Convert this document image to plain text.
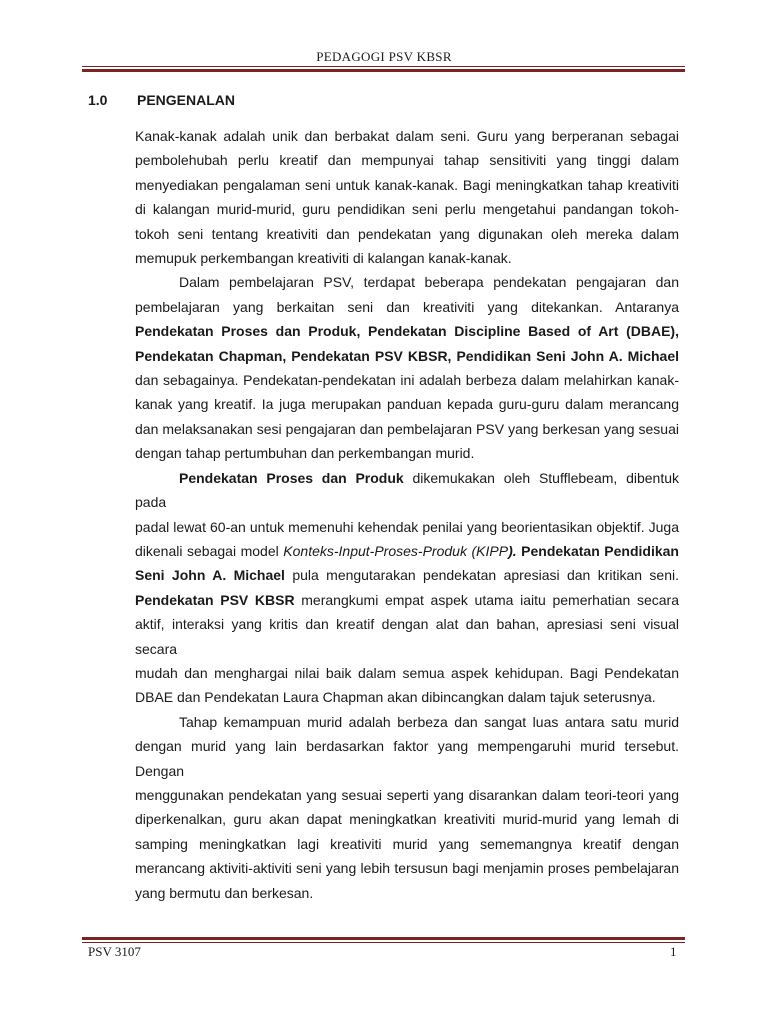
PEDAGOGI PSV KBSR
1.0 PENGENALAN

Kanak-kanak adalah unik dan berbakat dalam seni. Guru yang berperanan sebagai
pembolehubah perlu kreatif dan mempunyai tahap sensitiviti yang tinggi dalam
menyediakan pengalaman seni untuk kanak-kanak. Bagi meningkatkan tahap kreativiti
di kalangan murid-murid, guru pendidikan seni perlu mengetahui pandangan tokoh-
tokoh seni tentang kreativiti dan pendekatan yang digunakan oleh mereka dalam
memupuk perkembangan kreativiti di kalangan kanak-kanak.

Dalam pembelajaran PSV, terdapat beberapa pendekatan pengajaran dan
pembelajaran yang berkaitan seni dan kreativiti yang ditekankan. Antaranya
Pendekatan Proses dan Produk, Pendekatan Discipline Based of Art (DBAE),
Pendekatan Chapman, Pendekatan PSV KBSR, Pendidikan Seni John A. Michael
dan sebagainya. Pendekatan-pendekatan ini adalah berbeza dalam melahirkan kanak-
kanak yang kreatif. Ia juga merupakan panduan kepada guru-guru dalam merancang
dan melaksanakan sesi pengajaran dan pembelajaran PSV yang berkesan yang sesuai
dengan tahap pertumbuhan dan perkembangan murid.

Pendekatan Proses dan Produk dikemukakan oleh Stufflebeam, dibentuk pada
padal lewat 60-an untuk memenuhi kehendak penilai yang beorientasikan objektif. Juga
dikenali sebagai model Konteks-Input-Proses-Produk (KIPP). Pendekatan Pendidikan
Seni John A. Michael pula mengutarakan pendekatan apresiasi dan kritikan seni.
Pendekatan PSV KBSR merangkumi empat aspek utama iaitu pemerhatian secara
aktif, interaksi yang kritis dan kreatif dengan alat dan bahan, apresiasi seni visual secara
mudah dan menghargai nilai baik dalam semua aspek kehidupan. Bagi Pendekatan
DBAE dan Pendekatan Laura Chapman akan dibincangkan dalam tajuk seterusnya.

Tahap kemampuan murid adalah berbeza dan sangat luas antara satu murid
dengan murid yang lain berdasarkan faktor yang mempengaruhi murid tersebut. Dengan
menggunakan pendekatan yang sesuai seperti yang disarankan dalam teori-teori yang
diperkenalkan, guru akan dapat meningkatkan kreativiti murid-murid yang lemah di
samping meningkatkan lagi kreativiti murid yang sememangnya kreatif dengan
merancang aktiviti-aktiviti seni yang lebih tersusun bagi menjamin proses pembelajaran
yang bermutu dan berkesan.

PSV 3107	1
